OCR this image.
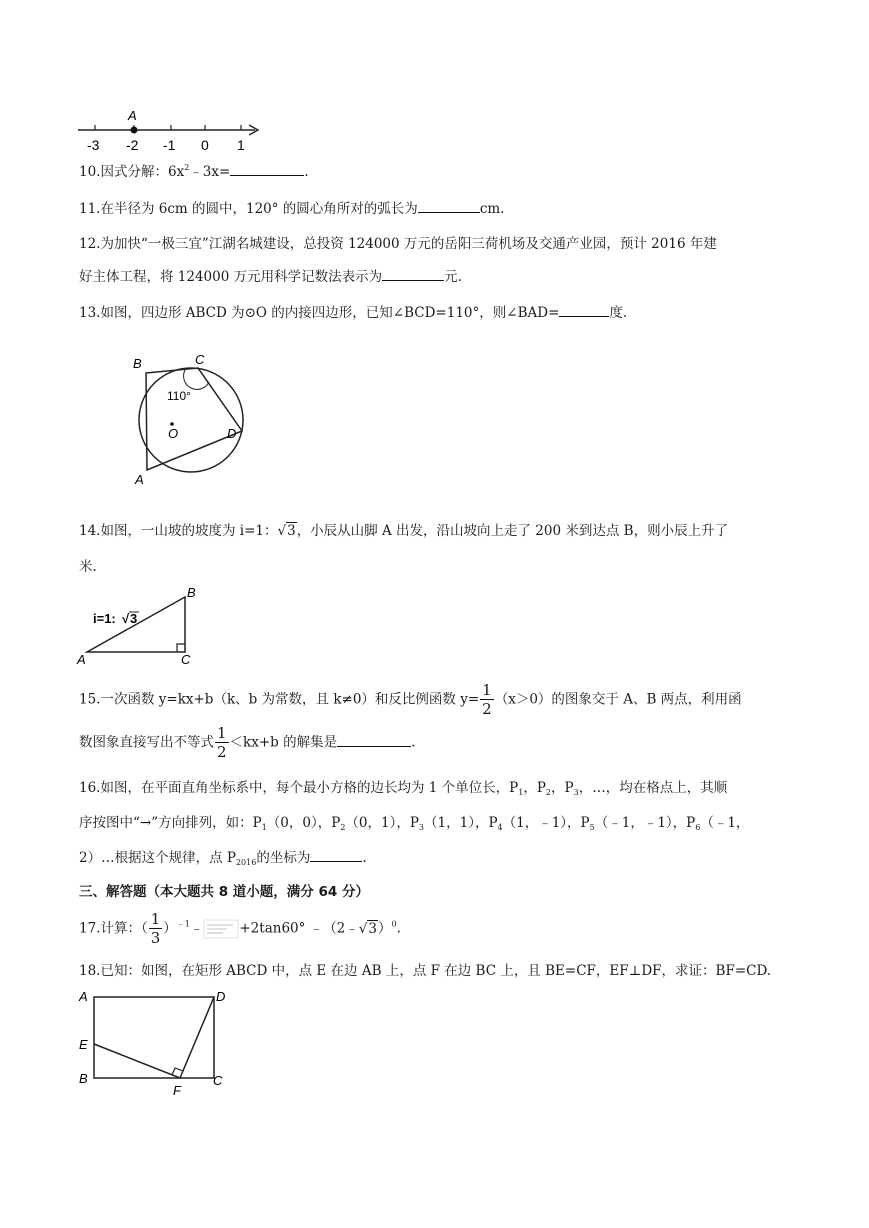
A
-3 -2 -1 0 1
10.因式分解：$6x^2﹣3x=$	.
11.在半径为 6cm 的圆中，120° 的圆心角所对的弧长为	cm.
12.为加快“一极三宜”江湖名城建设，总投资 124000 万元的岳阳三荷机场及交通产业园，预计 2016 年建
好主体工程，将 124000 万元用科学记数法表示为	元.
13.如图，四边形 ABCD 为⊙O 的内接四边形，已知∠BCD=110°，则∠BAD=	度.
B	C
O	D
A
110°
14.如图，一山坡的坡度为 i=1：√3，小辰从山脚 A 出发，沿山坡向上走了 200 米到达点 B，则小辰上升了
米.
i=1: √ 3
B
A	C
15.一次函数 y=kx+b（k、b 为常数，且 k≠0）和反比例函数 $y= \frac{1}{2} (x>0)$的图象交于 A、B 两点，利用函
数图象直接写出不等式 $\frac{1}{2} <kx+b$ 的解集是	.
16.如图，在平面直角坐标系中，每个最小方格的边长均为 1 个单位长，$P_1$，$P_2$，$P_3$，…，均在格点上，其顺
序按图中“→”方向排列，如：$P_1(0$，0），$P_2(0$，1），$P_3(1$，1），$P_4(1$，﹣1），$P_5(﹣1$，﹣1），$P_6(﹣1$，
2）…根据这个规律，点 $P_{2016}$的坐标为	.
三、解答题（本大题共 8 道小题，满分 64 分）
17.计算：（ $\frac{1}{3}$ ）$^{﹣1}$﹣	+2tan60° ﹣（2﹣√3）$^0$.
18.已知：如图，在矩形 ABCD 中，点 E 在边 AB 上，点 F 在边 BC 上，且 BE=CF，EF⊥DF，求证：BF=CD.
A	D
E
B
F
C
